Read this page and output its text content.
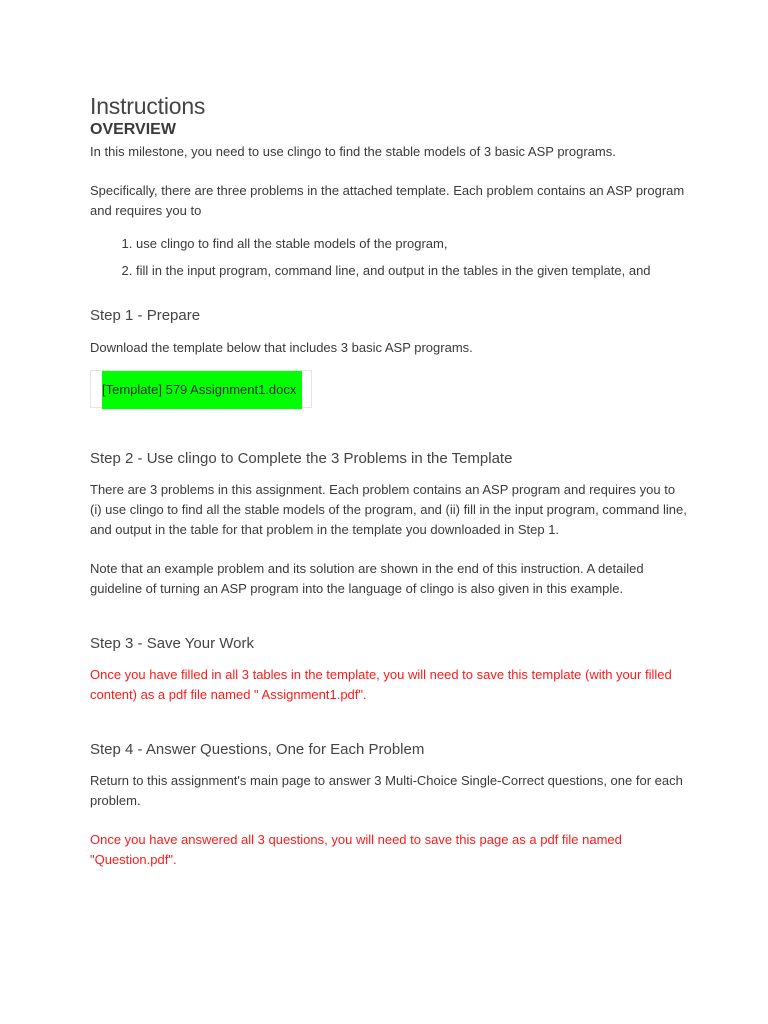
Instructions
OVERVIEW

In this milestone, you need to use clingo to find the stable models of 3 basic ASP programs.

Specifically, there are three problems in the attached template. Each problem contains an ASP program and requires you to

1. use clingo to find all the stable models of the program,
2. fill in the input program, command line, and output in the tables in the given template, and
Step 1 - Prepare

Download the template below that includes 3 basic ASP programs.

[Template] 579 Assignment1.docx
Step 2 - Use clingo to Complete the 3 Problems in the Template

There are 3 problems in this assignment. Each problem contains an ASP program and requires you to (i) use clingo to find all the stable models of the program, and (ii) fill in the input program, command line, and output in the table for that problem in the template you downloaded in Step 1.

Note that an example problem and its solution are shown in the end of this instruction. A detailed guideline of turning an ASP program into the language of clingo is also given in this example.

Step 3 - Save Your Work

Once you have filled in all 3 tables in the template, you will need to save this template (with your filled content) as a pdf file named " Assignment1.pdf".

Step 4 - Answer Questions, One for Each Problem

Return to this assignment's main page to answer 3 Multi-Choice Single-Correct questions, one for each problem.

Once you have answered all 3 questions, you will need to save this page as a pdf file named "Question.pdf".
